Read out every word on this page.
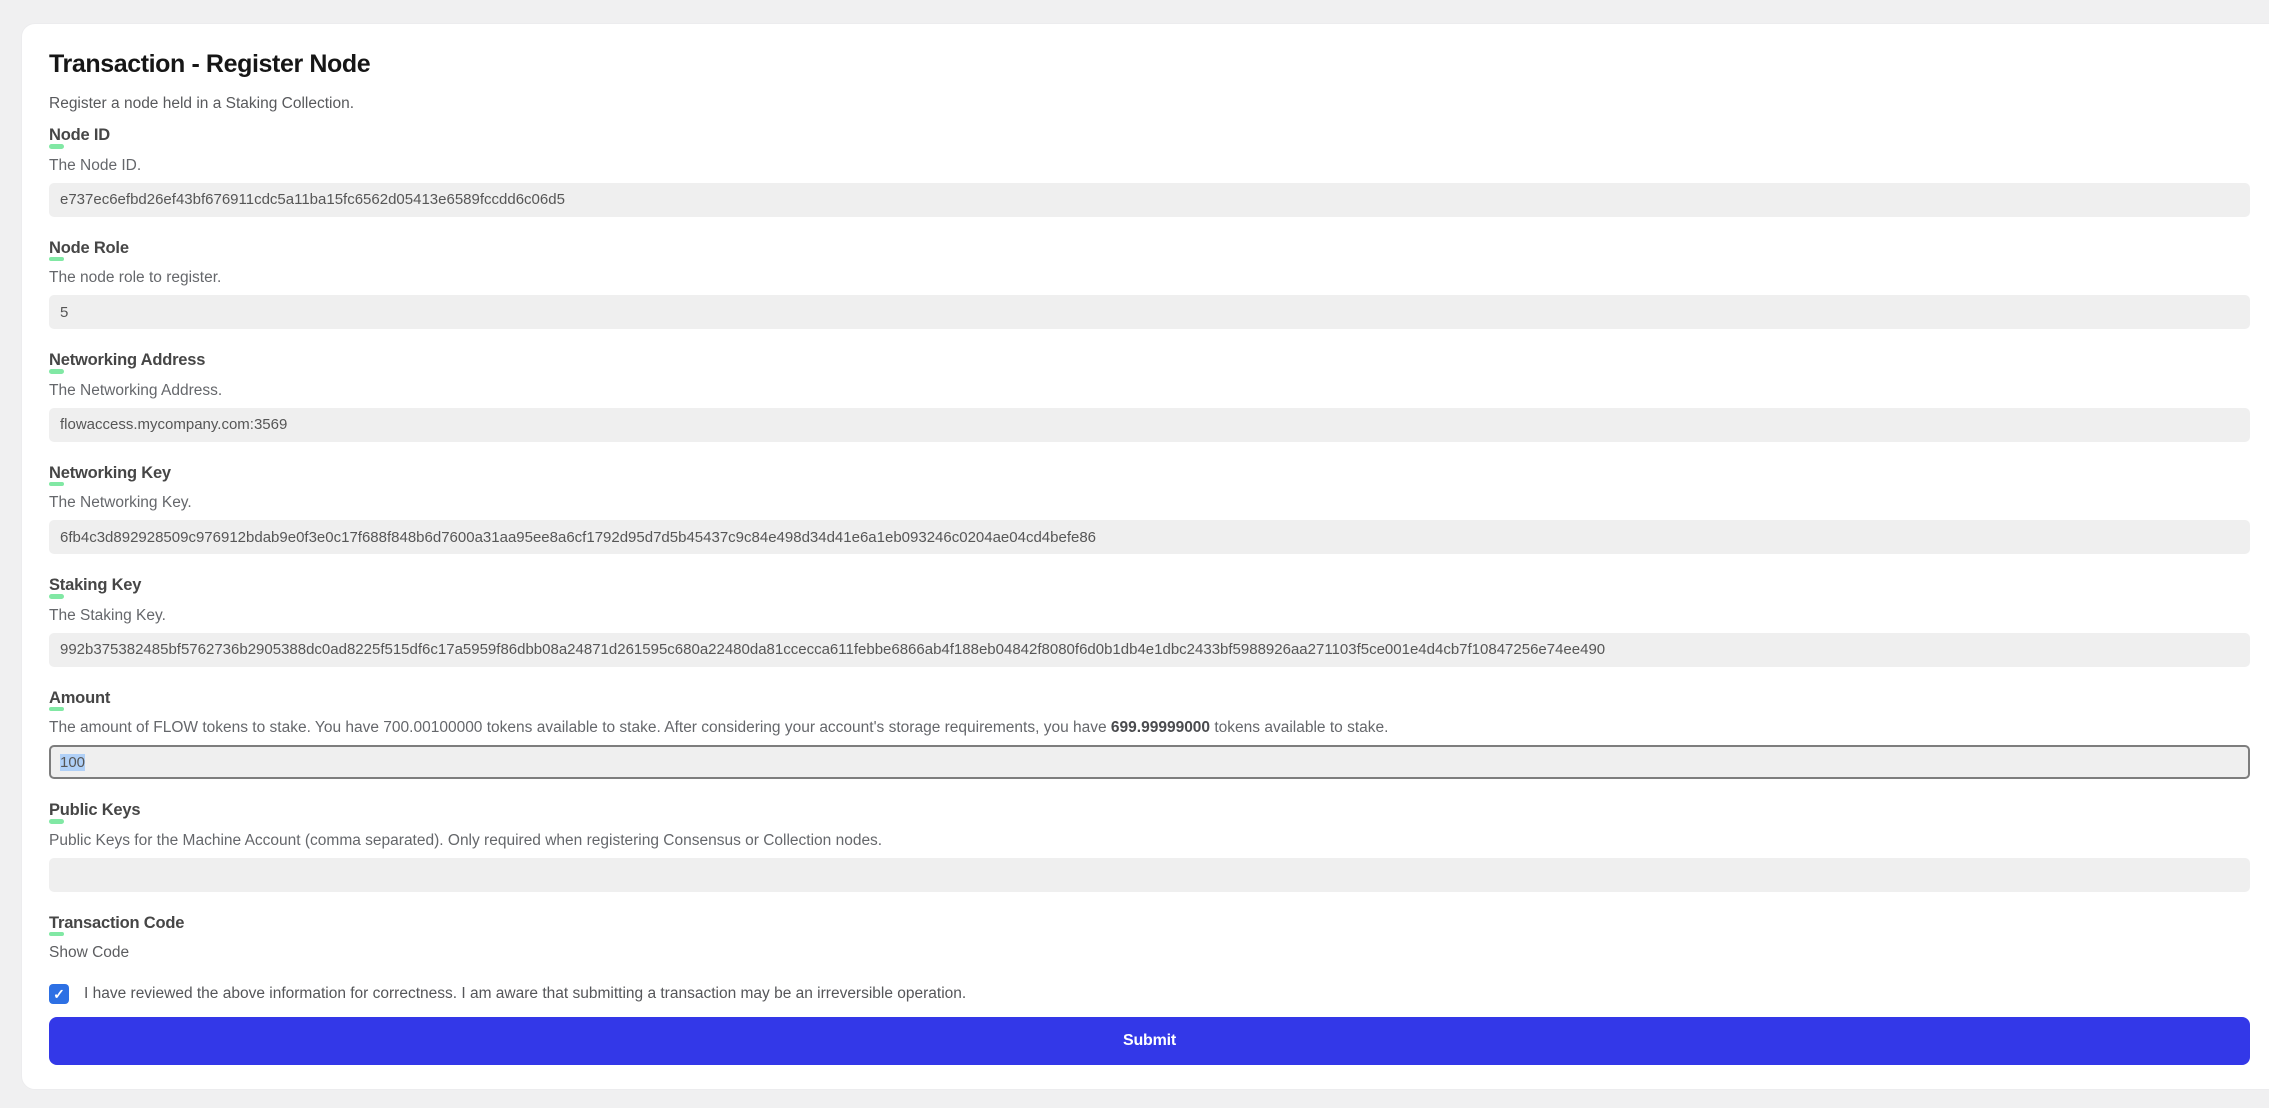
Transaction - Register Node

Register a node held in a Staking Collection.

Node ID
The Node ID.
e737ec6efbd26ef43bf676911cdc5a11ba15fc6562d05413e6589fccdd6c06d5
Node Role
The node role to register.
5
Networking Address
The Networking Address.
flowaccess.mycompany.com:3569
Networking Key
The Networking Key.
6fb4c3d892928509c976912bdab9e0f3e0c17f688f848b6d7600a31aa95ee8a6cf1792d95d7d5b45437c9c84e498d34d41e6a1eb093246c0204ae04cd4befe86
Staking Key
The Staking Key.
992b375382485bf5762736b2905388dc0ad8225f515df6c17a5959f86dbb08a24871d261595c680a22480da81ccecca611febbe6866ab4f188eb04842f8080f6d0b1db4e1dbc2433bf5988926aa271103f5ce001e4d4cb7f10847256e74ee490
Amount
The amount of FLOW tokens to stake. You have 700.00100000 tokens available to stake. After considering your account's storage requirements, you have 699.99999000 tokens available to stake.
100
Public Keys
Public Keys for the Machine Account (comma separated). Only required when registering Consensus or Collection nodes.
Transaction Code
Show Code
✓ I have reviewed the above information for correctness. I am aware that submitting a transaction may be an irreversible operation.
Submit
